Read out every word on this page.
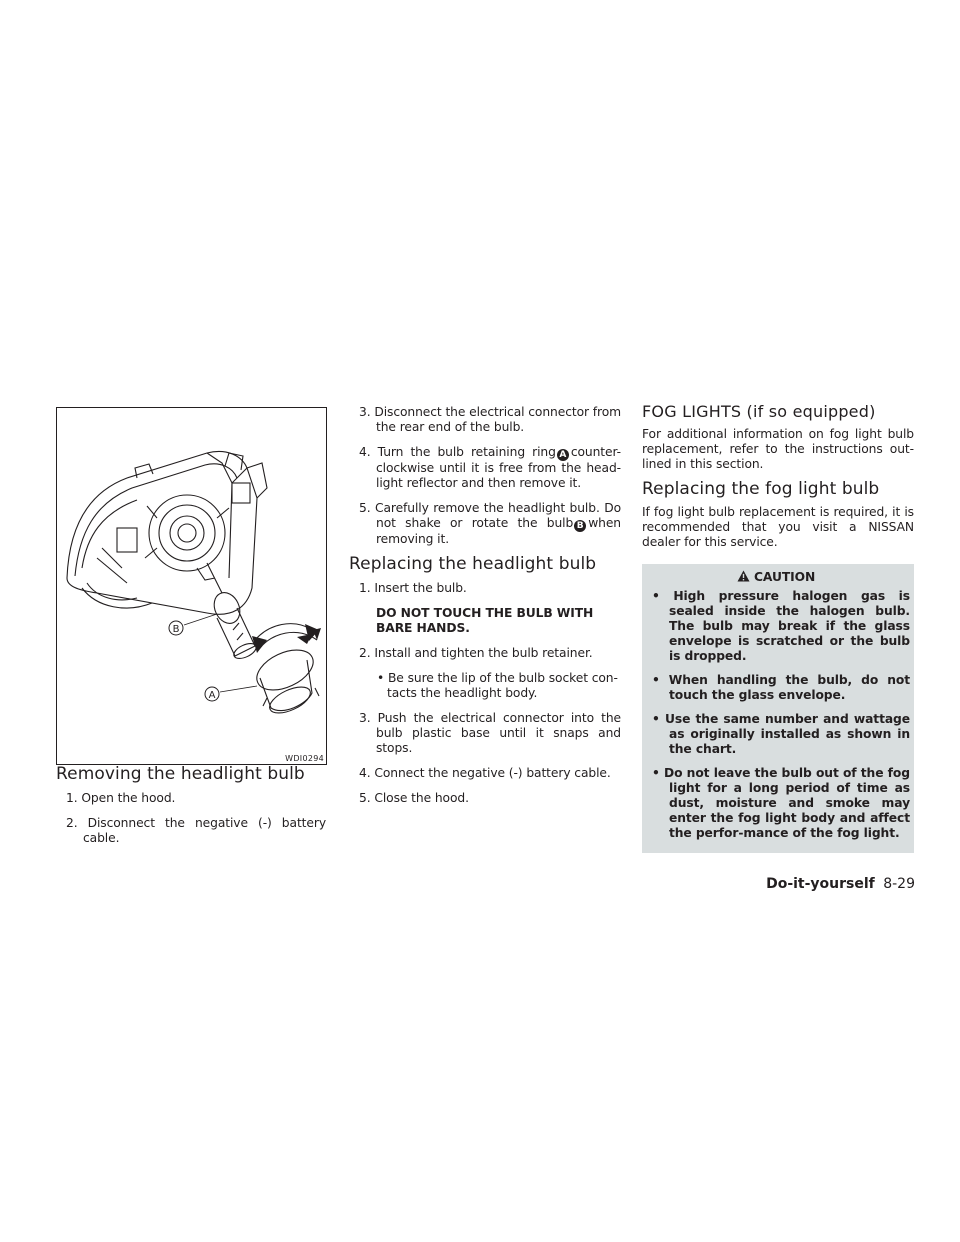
B
A
WDI0294
Removing the headlight bulb
1. Open the hood.
2. Disconnect the negative (-) battery cable.
3. Disconnect the electrical connector from the rear end of the bulb.
4. Turn the bulb retaining ring A counter-clockwise until it is free from the head-light reflector and then remove it.
5. Carefully remove the headlight bulb. Do not shake or rotate the bulb B when removing it.
Replacing the headlight bulb
1. Insert the bulb.
DO NOT TOUCH THE BULB WITH BARE HANDS.
2. Install and tighten the bulb retainer.
• Be sure the lip of the bulb socket con-tacts the headlight body.
3. Push the electrical connector into the bulb plastic base until it snaps and stops.
4. Connect the negative (-) battery cable.
5. Close the hood.
FOG LIGHTS (if so equipped)
For additional information on fog light bulb replacement, refer to the instructions out-lined in this section.
Replacing the fog light bulb
If fog light bulb replacement is required, it is recommended that you visit a NISSAN dealer for this service.
CAUTION
• High pressure halogen gas is sealed inside the halogen bulb. The bulb may break if the glass envelope is scratched or the bulb is dropped.
• When handling the bulb, do not touch the glass envelope.
• Use the same number and wattage as originally installed as shown in the chart.
• Do not leave the bulb out of the fog light for a long period of time as dust, moisture and smoke may enter the fog light body and affect the perfor-mance of the fog light.
Do-it-yourself 8-29
